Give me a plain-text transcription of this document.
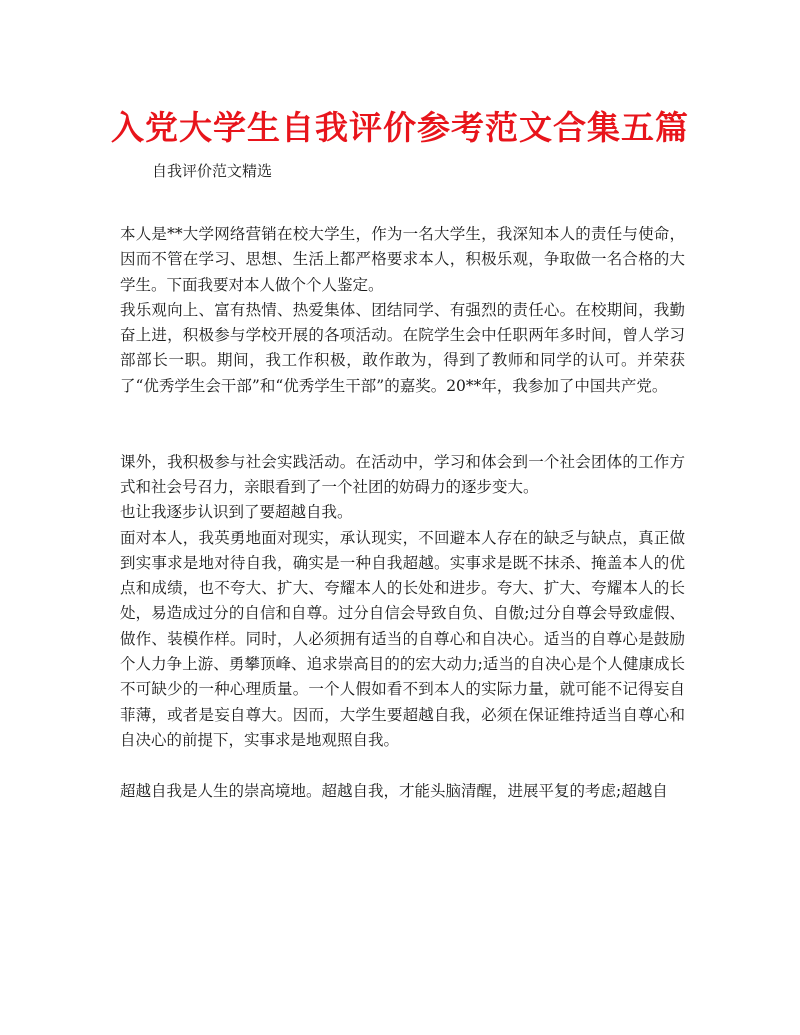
入党大学生自我评价参考范文合集五篇

自我评价范文精选

本人是**大学网络营销在校大学生，作为一名大学生，我深知本人的责任与使命，因而不管在学习、思想、生活上都严格要求本人，积极乐观，争取做一名合格的大学生。下面我要对本人做个个人鉴定。

我乐观向上、富有热情、热爱集体、团结同学、有强烈的责任心。在校期间，我勤奋上进，积极参与学校开展的各项活动。在院学生会中任职两年多时间，曾人学习部部长一职。期间，我工作积极，敢作敢为，得到了教师和同学的认可。并荣获了“优秀学生会干部”和“优秀学生干部”的嘉奖。20**年，我参加了中国共产党。

课外，我积极参与社会实践活动。在活动中，学习和体会到一个社会团体的工作方式和社会号召力，亲眼看到了一个社团的妨碍力的逐步变大。

也让我逐步认识到了要超越自我。

面对本人，我英勇地面对现实，承认现实，不回避本人存在的缺乏与缺点，真正做到实事求是地对待自我，确实是一种自我超越。实事求是既不抹杀、掩盖本人的优点和成绩，也不夸大、扩大、夸耀本人的长处和进步。夸大、扩大、夸耀本人的长处，易造成过分的自信和自尊。过分自信会导致自负、自傲;过分自尊会导致虚假、做作、装模作样。同时，人必须拥有适当的自尊心和自决心。适当的自尊心是鼓励个人力争上游、勇攀顶峰、追求崇高目的的宏大动力;适当的自决心是个人健康成长不可缺少的一种心理质量。一个人假如看不到本人的实际力量，就可能不记得妄自菲薄，或者是妄自尊大。因而，大学生要超越自我，必须在保证维持适当自尊心和自决心的前提下，实事求是地观照自我。

超越自我是人生的崇高境地。超越自我，才能头脑清醒，进展平复的考虑;超越自
